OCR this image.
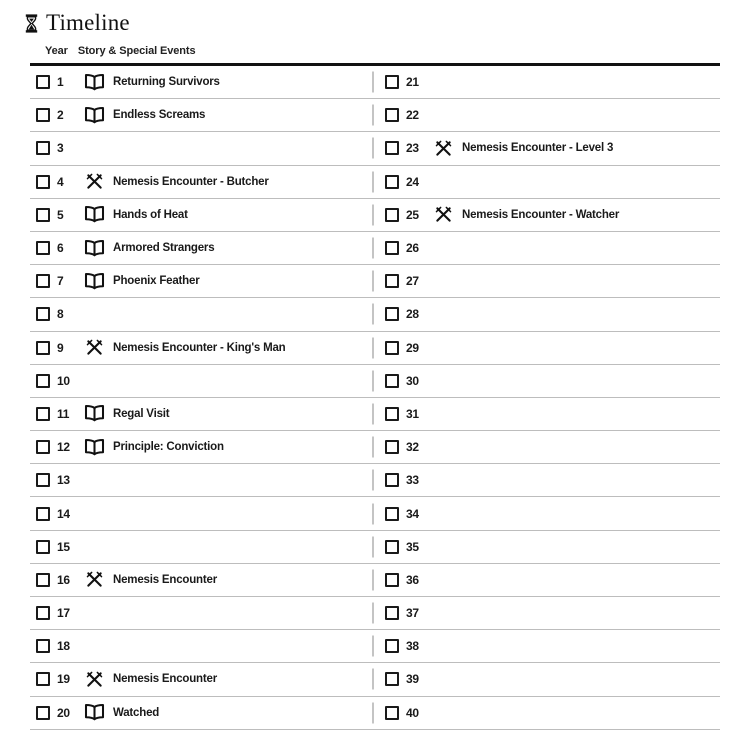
Timeline
Year Story & Special Events
1	Returning Survivors
2	Endless Screams
3
4	Nemesis Encounter - Butcher
5	Hands of Heat
6	Armored Strangers
7	Phoenix Feather
8
9	Nemesis Encounter - King's Man
10
11	Regal Visit
12	Principle: Conviction
13
14
15
16	Nemesis Encounter
17
18
19	Nemesis Encounter
20	Watched
21
22
23	Nemesis Encounter - Level 3
24
25	Nemesis Encounter - Watcher
26
27
28
29
30
31
32
33
34
35
36
37
38
39
40
